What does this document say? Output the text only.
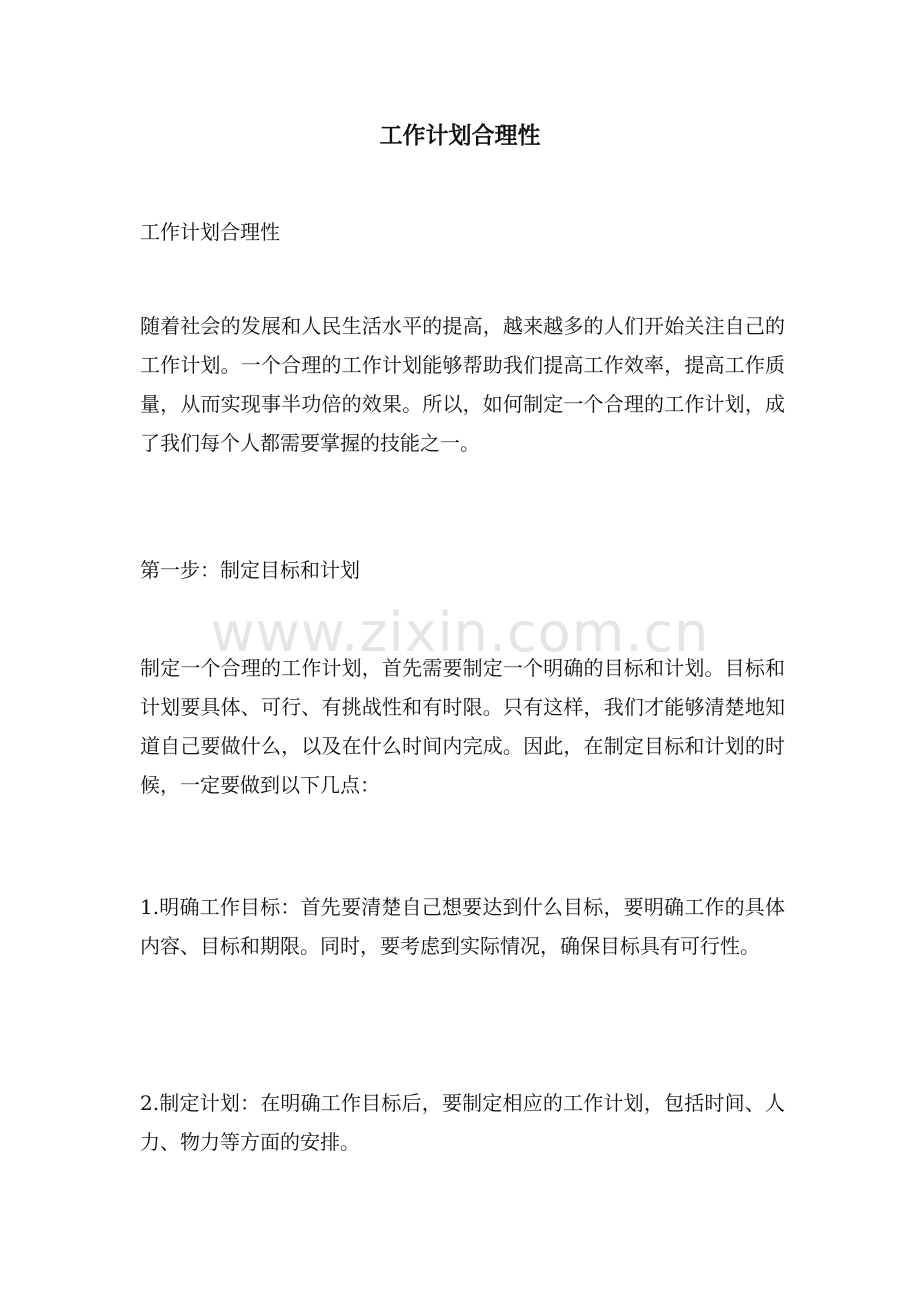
工作计划合理性

工作计划合理性

随着社会的发展和人民生活水平的提高，越来越多的人们开始关注自己的工作计划。一个合理的工作计划能够帮助我们提高工作效率，提高工作质量，从而实现事半功倍的效果。所以，如何制定一个合理的工作计划，成了我们每个人都需要掌握的技能之一。

第一步：制定目标和计划

www.zixin.com.cn

制定一个合理的工作计划，首先需要制定一个明确的目标和计划。目标和计划要具体、可行、有挑战性和有时限。只有这样，我们才能够清楚地知道自己要做什么，以及在什么时间内完成。因此，在制定目标和计划的时候，一定要做到以下几点：

1.明确工作目标：首先要清楚自己想要达到什么目标，要明确工作的具体内容、目标和期限。同时，要考虑到实际情况，确保目标具有可行性。

2.制定计划：在明确工作目标后，要制定相应的工作计划，包括时间、人力、物力等方面的安排。
